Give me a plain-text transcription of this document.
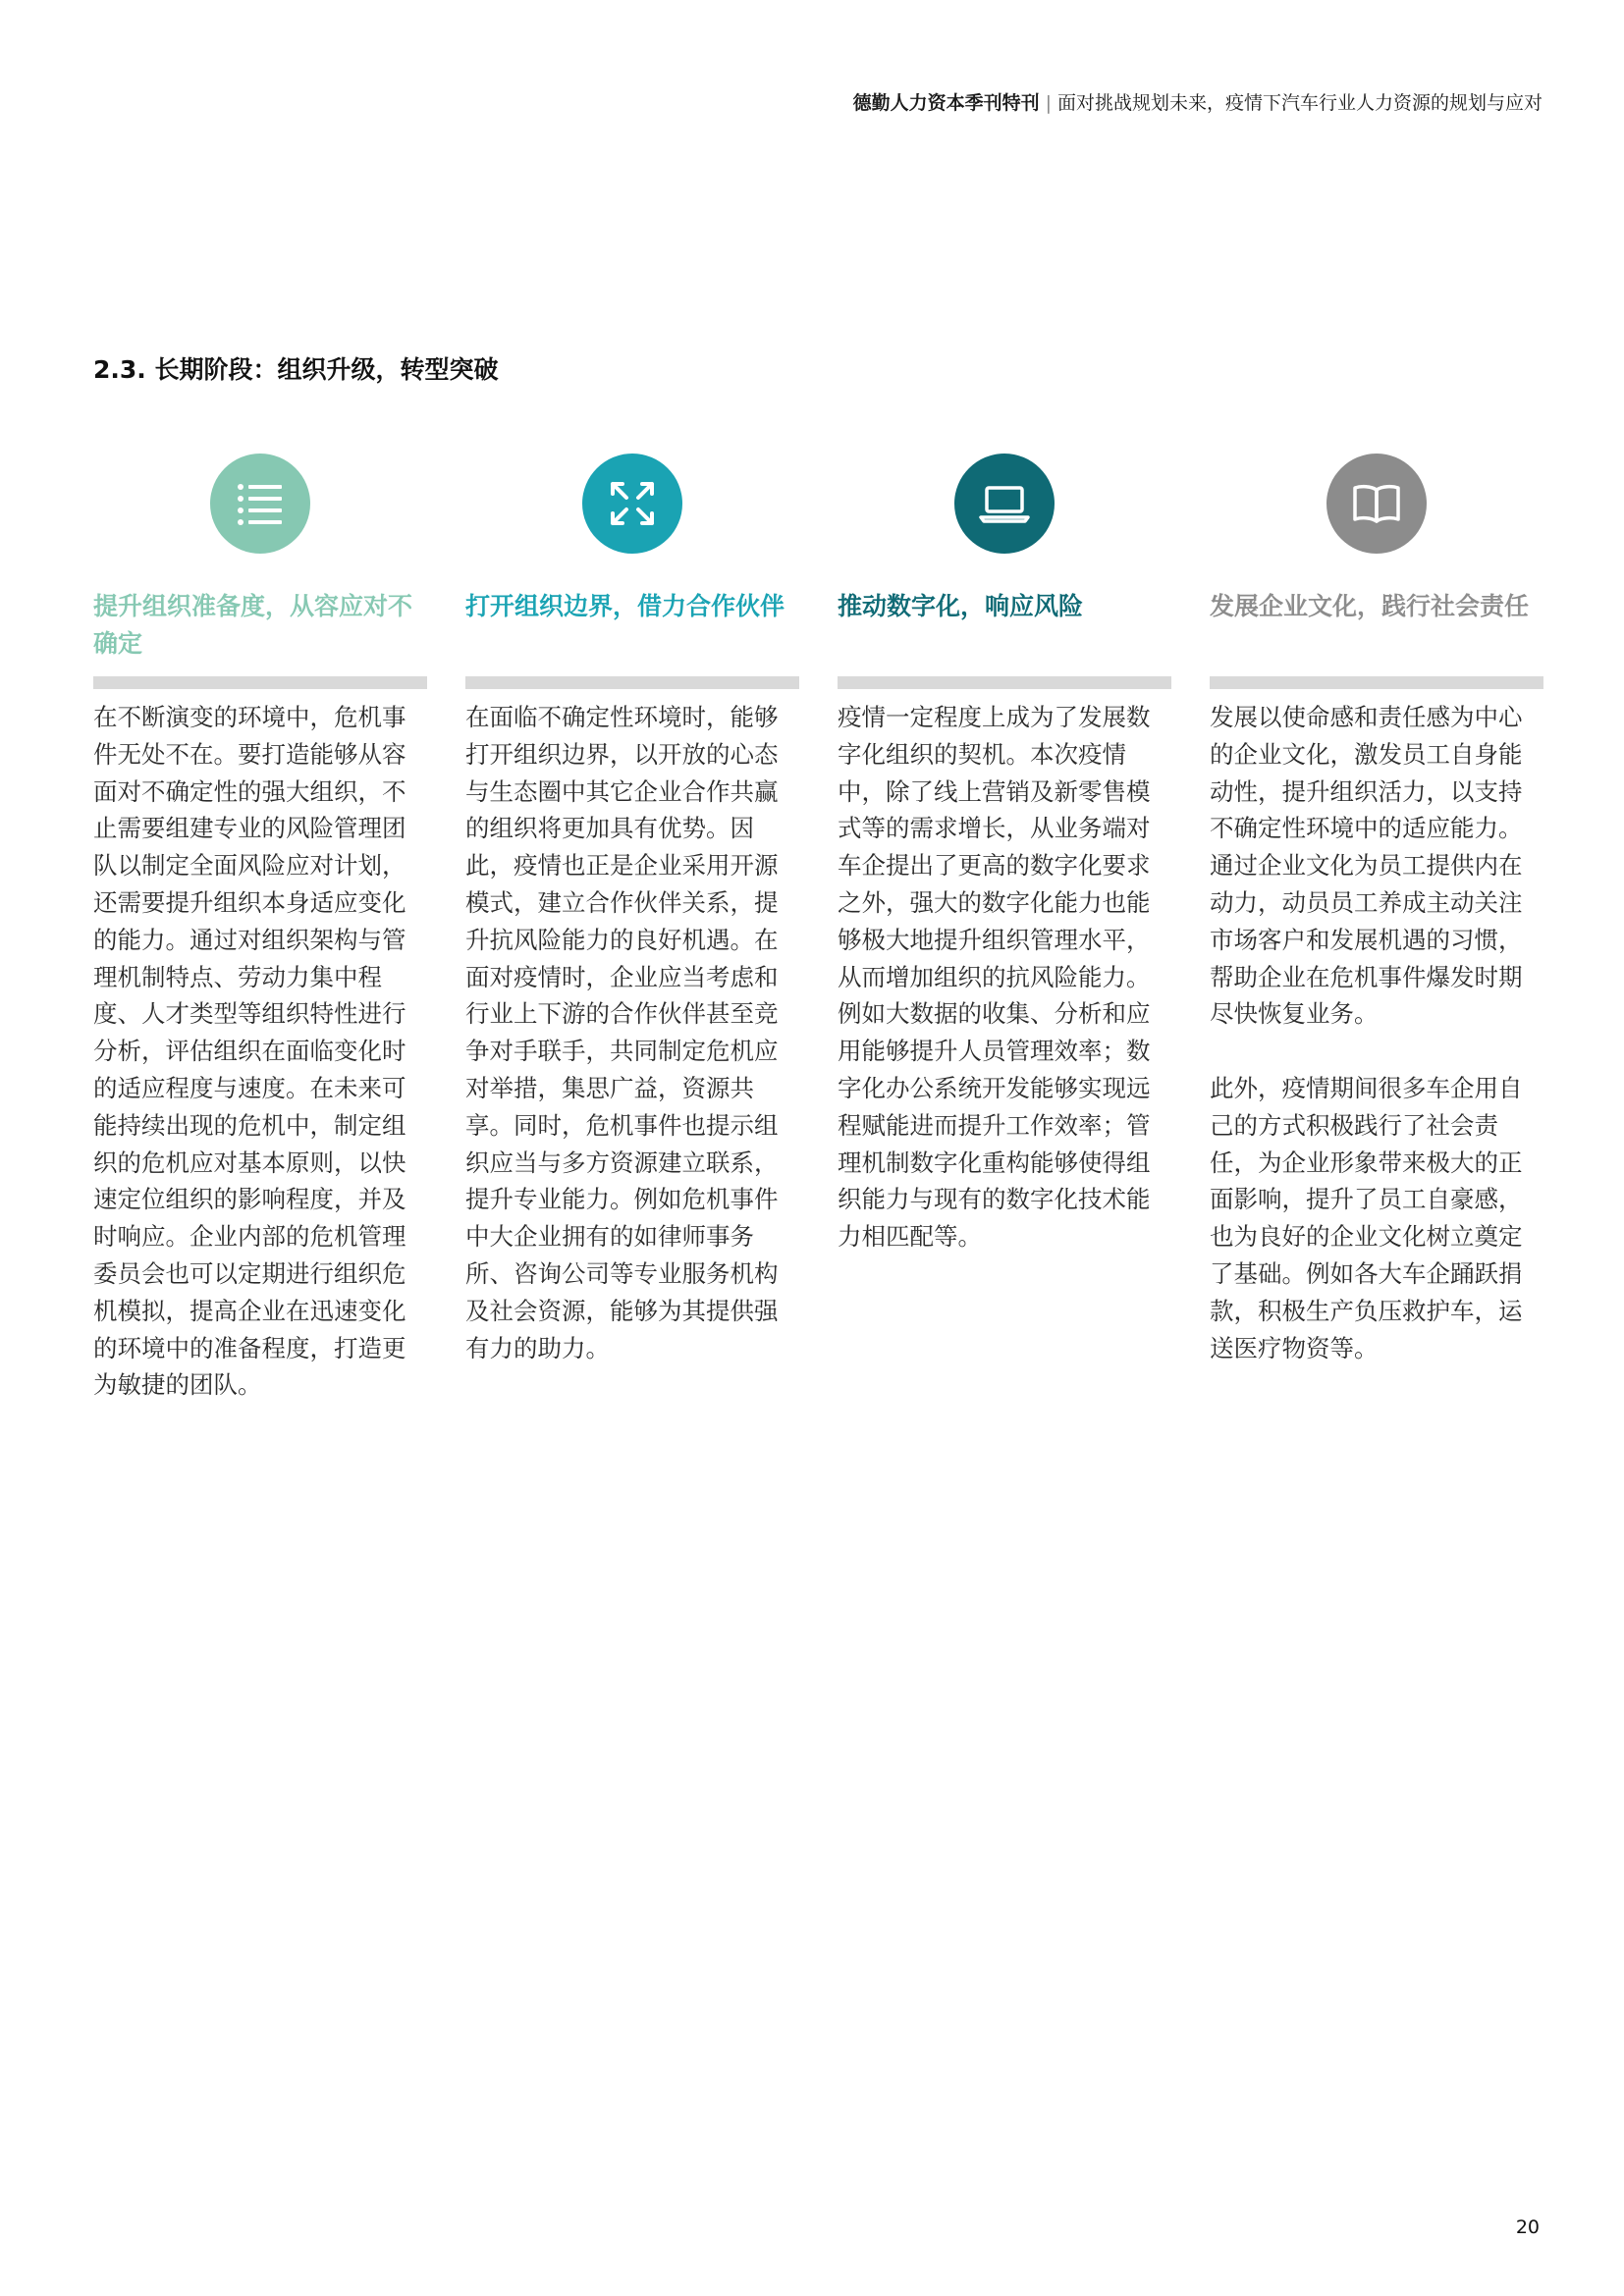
德勤人力资本季刊特刊 | 面对挑战规划未来，疫情下汽车行业人力资源的规划与应对
2.3. 长期阶段：组织升级，转型突破
提升组织准备度，从容应对不确定

在不断演变的环境中，危机事件无处不在。要打造能够从容面对不确定性的强大组织，不止需要组建专业的风险管理团队以制定全面风险应对计划，还需要提升组织本身适应变化的能力。通过对组织架构与管理机制特点、劳动力集中程度、人才类型等组织特性进行分析，评估组织在面临变化时的适应程度与速度。在未来可能持续出现的危机中，制定组织的危机应对基本原则，以快速定位组织的影响程度，并及时响应。企业内部的危机管理委员会也可以定期进行组织危机模拟，提高企业在迅速变化的环境中的准备程度，打造更为敏捷的团队。

打开组织边界，借力合作伙伴

在面临不确定性环境时，能够打开组织边界，以开放的心态与生态圈中其它企业合作共赢的组织将更加具有优势。因此，疫情也正是企业采用开源模式，建立合作伙伴关系，提升抗风险能力的良好机遇。在面对疫情时，企业应当考虑和行业上下游的合作伙伴甚至竞争对手联手，共同制定危机应对举措，集思广益，资源共享。同时，危机事件也提示组织应当与多方资源建立联系，提升专业能力。例如危机事件中大企业拥有的如律师事务所、咨询公司等专业服务机构及社会资源，能够为其提供强有力的助力。

推动数字化，响应风险

疫情一定程度上成为了发展数字化组织的契机。本次疫情中，除了线上营销及新零售模式等的需求增长，从业务端对车企提出了更高的数字化要求之外，强大的数字化能力也能够极大地提升组织管理水平，从而增加组织的抗风险能力。例如大数据的收集、分析和应用能够提升人员管理效率；数字化办公系统开发能够实现远程赋能进而提升工作效率；管理机制数字化重构能够使得组织能力与现有的数字化技术能力相匹配等。

发展企业文化，践行社会责任

发展以使命感和责任感为中心的企业文化，激发员工自身能动性，提升组织活力，以支持不确定性环境中的适应能力。通过企业文化为员工提供内在动力，动员员工养成主动关注市场客户和发展机遇的习惯，帮助企业在危机事件爆发时期尽快恢复业务。

此外，疫情期间很多车企用自己的方式积极践行了社会责任，为企业形象带来极大的正面影响，提升了员工自豪感，也为良好的企业文化树立奠定了基础。例如各大车企踊跃捐款，积极生产负压救护车，运送医疗物资等。

20
